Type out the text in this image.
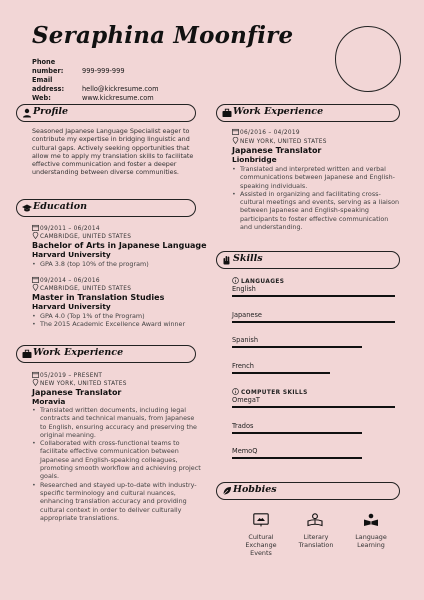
Seraphina Moonfire
Phone number:	999-999-999
Email address:	hello@kickresume.com
Web:	www.kickresume.com
Profile
Seasoned Japanese Language Specialist eager to contribute my expertise in bridging linguistic and cultural gaps. Actively seeking opportunities that allow me to apply my translation skills to facilitate effective communication and foster a deeper understanding between diverse communities.
Education
09/2011 – 06/2014
CAMBRIDGE, UNITED STATES
Bachelor of Arts in Japanese Language
Harvard University
• GPA 3.8 (top 10% of the program)
09/2014 – 06/2016
CAMBRIDGE, UNITED STATES
Master in Translation Studies
Harvard University
• GPA 4.0 (Top 1% of the Program)
• The 2015 Academic Excellence Award winner
Work Experience
05/2019 – PRESENT
NEW YORK, UNITED STATES
Japanese Translator
Moravia
• Translated written documents, including legal contracts and technical manuals, from Japanese to English, ensuring accuracy and preserving the original meaning.
• Collaborated with cross-functional teams to facilitate effective communication between Japanese and English-speaking colleagues, promoting smooth workflow and achieving project goals.
• Researched and stayed up-to-date with industry-specific terminology and cultural nuances, enhancing translation accuracy and providing cultural context in order to deliver culturally appropriate translations.
Work Experience
06/2016 – 04/2019
NEW YORK, UNITED STATES
Japanese Translator
Lionbridge
• Translated and interpreted written and verbal communications between Japanese and English-speaking individuals.
• Assisted in organizing and facilitating cross-cultural meetings and events, serving as a liaison between Japanese and English-speaking participants to foster effective communication and understanding.
Skills
LANGUAGES
English
Japanese
Spanish
French
COMPUTER SKILLS
OmegaT
Trados
MemoQ
Hobbies
Cultural Exchange Events
Literary Translation
Language Learning
